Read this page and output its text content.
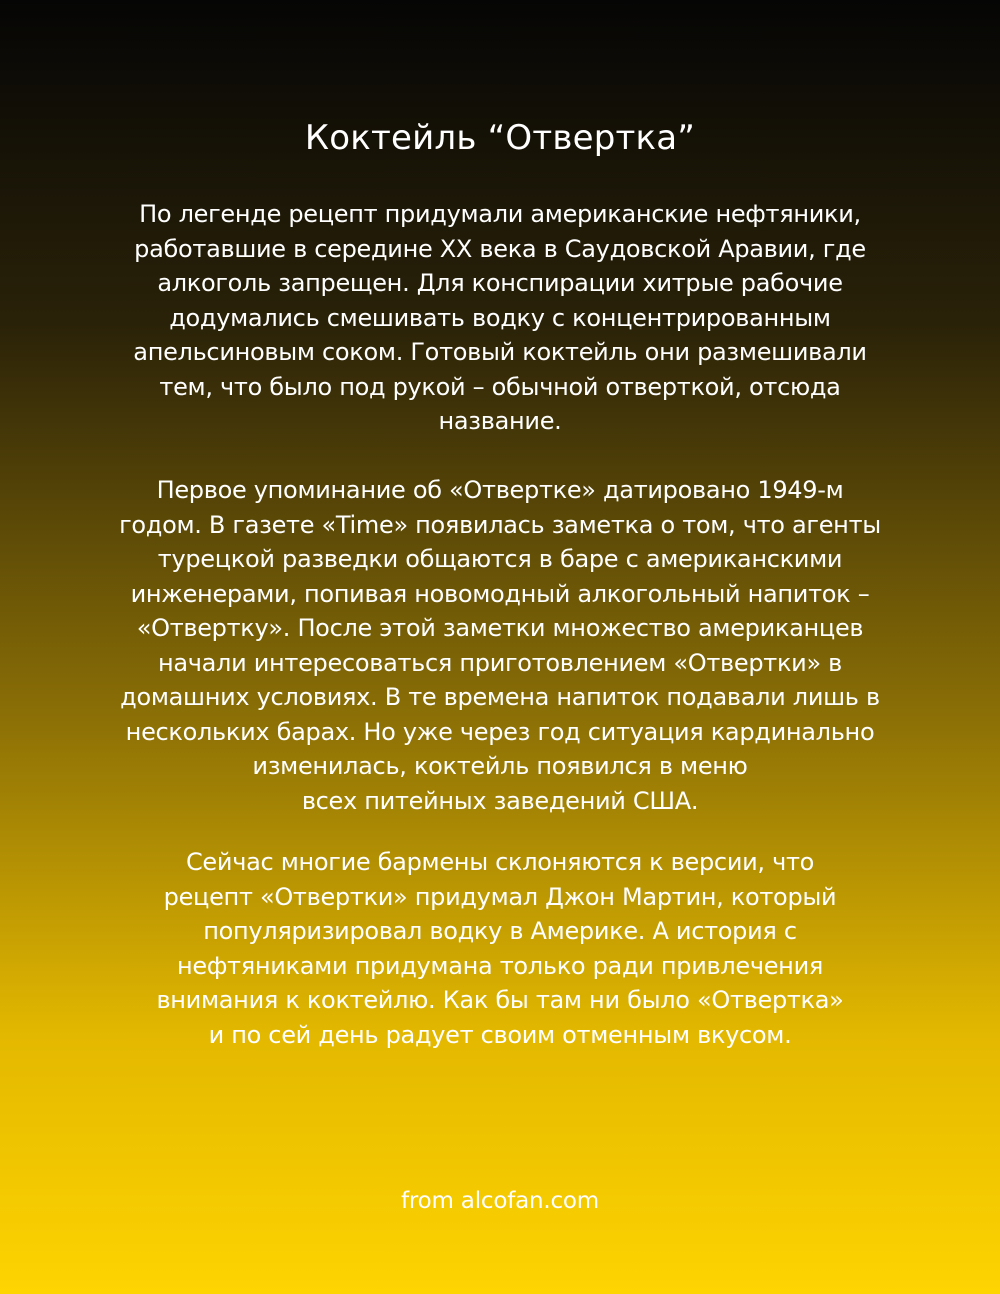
Коктейль “Отвертка”

По легенде рецепт придумали американские нефтяники,
работавшие в середине XX века в Саудовской Аравии, где
алкоголь запрещен. Для конспирации хитрые рабочие
додумались смешивать водку с концентрированным
апельсиновым соком. Готовый коктейль они размешивали
тем, что было под рукой – обычной отверткой, отсюда
название.

Первое упоминание об «Отвертке» датировано 1949-м
годом. В газете «Time» появилась заметка о том, что агенты
турецкой разведки общаются в баре с американскими
инженерами, попивая новомодный алкогольный напиток –
«Отвертку». После этой заметки множество американцев
начали интересоваться приготовлением «Отвертки» в
домашних условиях. В те времена напиток подавали лишь в
нескольких барах. Но уже через год ситуация кардинально
изменилась, коктейль появился в меню
всех питейных заведений США.

Сейчас многие бармены склоняются к версии, что
рецепт «Отвертки» придумал Джон Мартин, который
популяризировал водку в Америке. А история с
нефтяниками придумана только ради привлечения
внимания к коктейлю. Как бы там ни было «Отвертка»
и по сей день радует своим отменным вкусом.

from alcofan.com
